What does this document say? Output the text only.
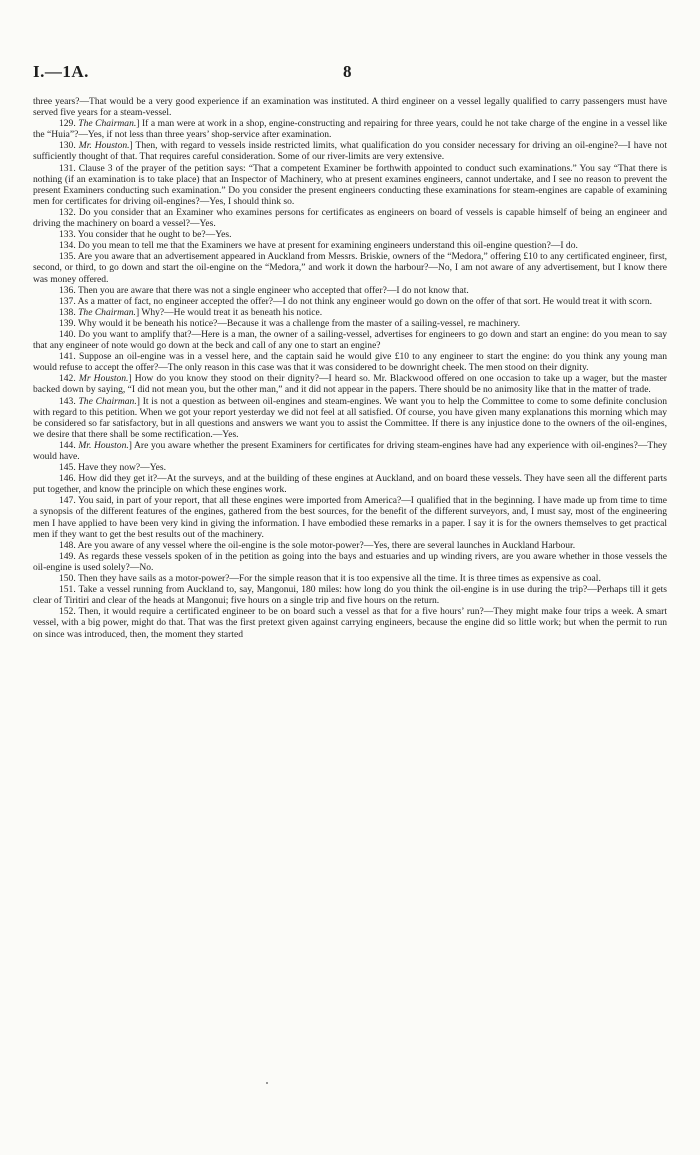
I.—1A.	8

three years?—That would be a very good experience if an examination was instituted. A third engineer on a vessel legally qualified to carry passengers must have served five years for a steam-vessel.

129. The Chairman.] If a man were at work in a shop, engine-constructing and repairing for three years, could he not take charge of the engine in a vessel like the “Huia”?—Yes, if not less than three years’ shop-service after examination.

130. Mr. Houston.] Then, with regard to vessels inside restricted limits, what qualification do you consider necessary for driving an oil-engine?—I have not sufficiently thought of that. That requires careful consideration. Some of our river-limits are very extensive.

131. Clause 3 of the prayer of the petition says: “That a competent Examiner be forthwith appointed to conduct such examinations.” You say “That there is nothing (if an examination is to take place) that an Inspector of Machinery, who at present examines engineers, cannot undertake, and I see no reason to prevent the present Examiners conducting such examination.” Do you consider the present engineers conducting these examinations for steam-engines are capable of examining men for certificates for driving oil-engines?—Yes, I should think so.

132. Do you consider that an Examiner who examines persons for certificates as engineers on board of vessels is capable himself of being an engineer and driving the machinery on board a vessel?—Yes.

133. You consider that he ought to be?—Yes.

134. Do you mean to tell me that the Examiners we have at present for examining engineers understand this oil-engine question?—I do.

135. Are you aware that an advertisement appeared in Auckland from Messrs. Briskie, owners of the “Medora,” offering £10 to any certificated engineer, first, second, or third, to go down and start the oil-engine on the “Medora,” and work it down the harbour?—No, I am not aware of any advertisement, but I know there was money offered.

136. Then you are aware that there was not a single engineer who accepted that offer?—I do not know that.

137. As a matter of fact, no engineer accepted the offer?—I do not think any engineer would go down on the offer of that sort. He would treat it with scorn.

138. The Chairman.] Why?—He would treat it as beneath his notice.

139. Why would it be beneath his notice?—Because it was a challenge from the master of a sailing-vessel, re machinery.

140. Do you want to amplify that?—Here is a man, the owner of a sailing-vessel, advertises for engineers to go down and start an engine: do you mean to say that any engineer of note would go down at the beck and call of any one to start an engine?

141. Suppose an oil-engine was in a vessel here, and the captain said he would give £10 to any engineer to start the engine: do you think any young man would refuse to accept the offer?—The only reason in this case was that it was considered to be downright cheek. The men stood on their dignity.

142. Mr Houston.] How do you know they stood on their dignity?—I heard so. Mr. Blackwood offered on one occasion to take up a wager, but the master backed down by saying, “I did not mean you, but the other man,” and it did not appear in the papers. There should be no animosity like that in the matter of trade.

143. The Chairman.] It is not a question as between oil-engines and steam-engines. We want you to help the Committee to come to some definite conclusion with regard to this petition. When we got your report yesterday we did not feel at all satisfied. Of course, you have given many explanations this morning which may be considered so far satisfactory, but in all questions and answers we want you to assist the Committee. If there is any injustice done to the owners of the oil-engines, we desire that there shall be some rectification.—Yes.

144. Mr. Houston.] Are you aware whether the present Examiners for certificates for driving steam-engines have had any experience with oil-engines?—They would have.

145. Have they now?—Yes.

146. How did they get it?—At the surveys, and at the building of these engines at Auckland, and on board these vessels. They have seen all the different parts put together, and know the principle on which these engines work.

147. You said, in part of your report, that all these engines were imported from America?—I qualified that in the beginning. I have made up from time to time a synopsis of the different features of the engines, gathered from the best sources, for the benefit of the different surveyors, and, I must say, most of the engineering men I have applied to have been very kind in giving the information. I have embodied these remarks in a paper. I say it is for the owners themselves to get practical men if they want to get the best results out of the machinery.

148. Are you aware of any vessel where the oil-engine is the sole motor-power?—Yes, there are several launches in Auckland Harbour.

149. As regards these vessels spoken of in the petition as going into the bays and estuaries and up winding rivers, are you aware whether in those vessels the oil-engine is used solely?—No.

150. Then they have sails as a motor-power?—For the simple reason that it is too expensive all the time. It is three times as expensive as coal.

151. Take a vessel running from Auckland to, say, Mangonui, 180 miles: how long do you think the oil-engine is in use during the trip?—Perhaps till it gets clear of Tiritiri and clear of the heads at Mangonui; five hours on a single trip and five hours on the return.

152. Then, it would require a certificated engineer to be on board such a vessel as that for a five hours’ run?—They might make four trips a week. A smart vessel, with a big power, might do that. That was the first pretext given against carrying engineers, because the engine did so little work; but when the permit to run on since was introduced, then, the moment they started
